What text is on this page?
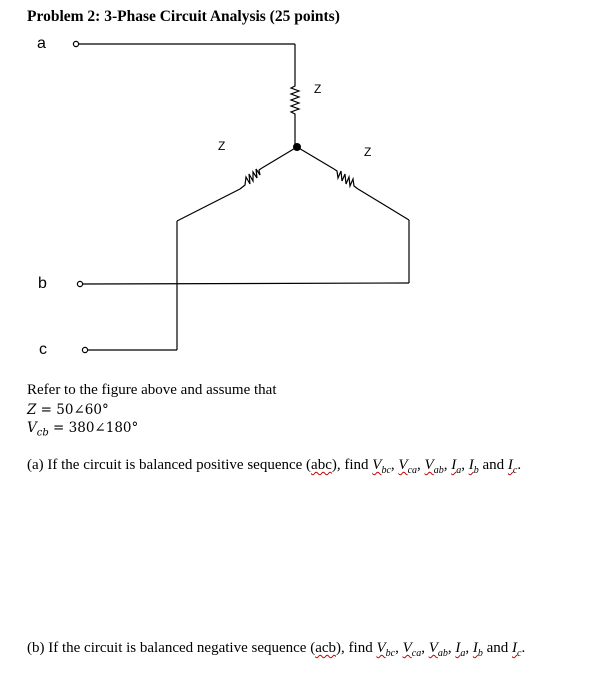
Problem 2: 3-Phase Circuit Analysis (25 points)
a
b
c
Z
Z	Z
Refer to the figure above and assume that
Z = 50∠60°
$V_{cb}$ = 380∠180°
(a) If the circuit is balanced positive sequence (abc), find $V_{bc}$, $V_{ca}$, $V_{ab}$, $I_a$, $I_b$ and $I_c$.
(b) If the circuit is balanced negative sequence (acb), find $V_{bc}$, $V_{ca}$, $V_{ab}$, $I_a$, $I_b$ and $I_c$.
